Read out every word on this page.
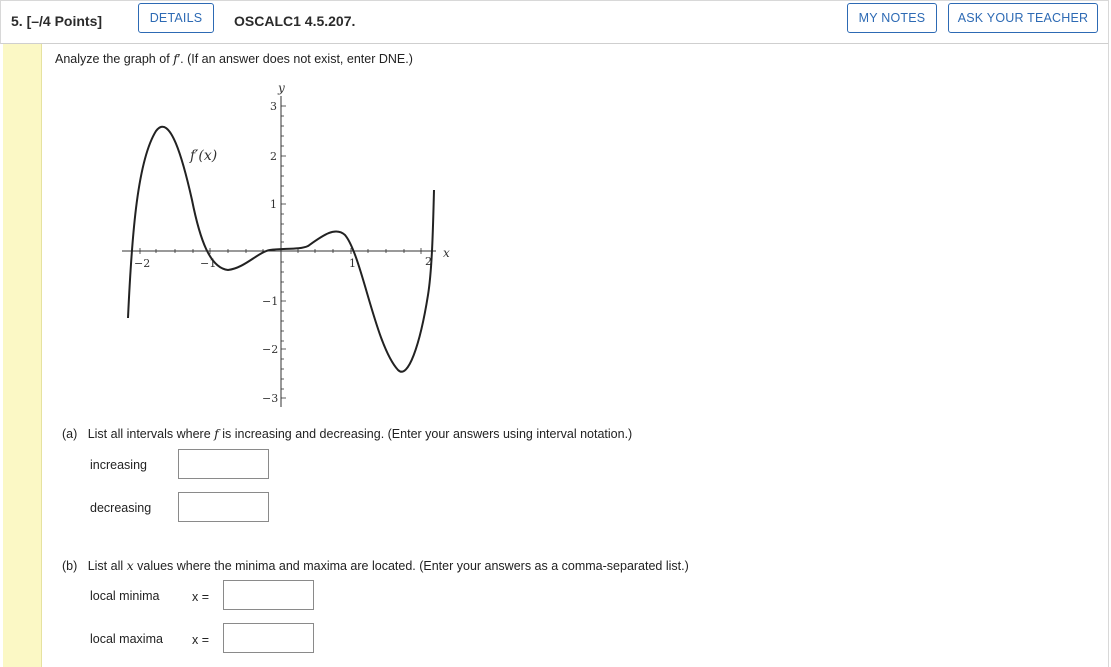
5. [–/4 Points]	DETAILS	OSCALC1 4.5.207.	MY NOTES	ASK YOUR TEACHER
Analyze the graph of f′. (If an answer does not exist, enter DNE.)
−2	−1	1	2
3
2
1
−1
−2
−3
x
y
f′(x)
(a) List all intervals where f is increasing and decreasing. (Enter your answers using interval notation.)
increasing
decreasing
(b) List all x values where the minima and maxima are located. (Enter your answers as a comma-separated list.)
local minima	x =
local maxima x =
